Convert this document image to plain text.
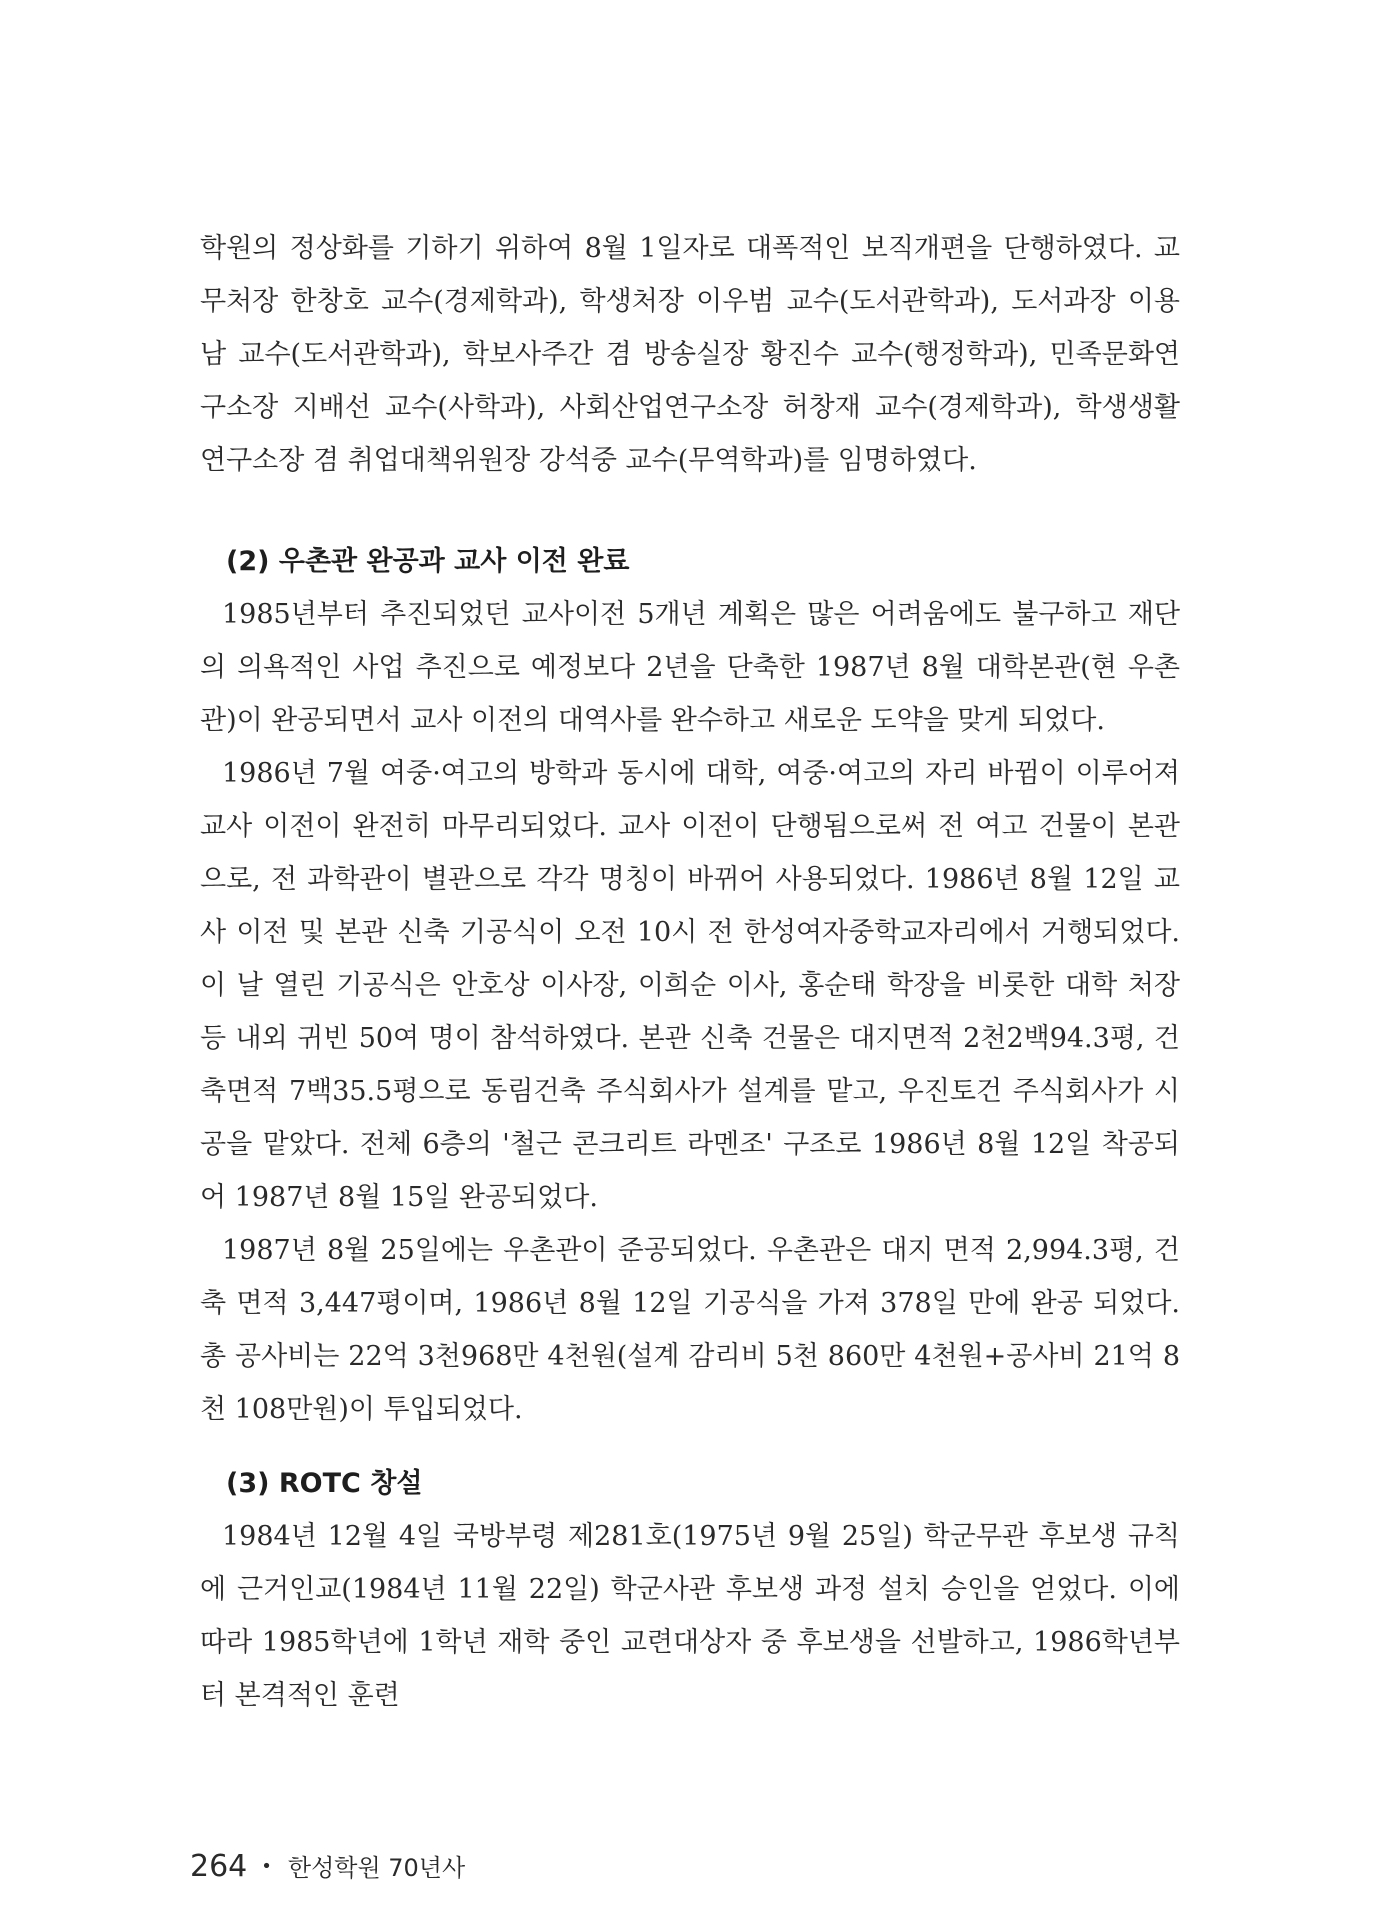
학원의 정상화를 기하기 위하여 8월 1일자로 대폭적인 보직개편을 단행하였다. 교무처장 한창호 교수(경제학과), 학생처장 이우범 교수(도서관학과), 도서과장 이용남 교수(도서관학과), 학보사주간 겸 방송실장 황진수 교수(행정학과), 민족문화연구소장 지배선 교수(사학과), 사회산업연구소장 허창재 교수(경제학과), 학생생활 연구소장 겸 취업대책위원장 강석중 교수(무역학과)를 임명하였다.

(2) 우촌관 완공과 교사 이전 완료

1985년부터 추진되었던 교사이전 5개년 계획은 많은 어려움에도 불구하고 재단의 의욕적인 사업 추진으로 예정보다 2년을 단축한 1987년 8월 대학본관(현 우촌관)이 완공되면서 교사 이전의 대역사를 완수하고 새로운 도약을 맞게 되었다.

1986년 7월 여중·여고의 방학과 동시에 대학, 여중·여고의 자리 바뀜이 이루어져 교사 이전이 완전히 마무리되었다. 교사 이전이 단행됨으로써 전 여고 건물이 본관으로, 전 과학관이 별관으로 각각 명칭이 바뀌어 사용되었다. 1986년 8월 12일 교사 이전 및 본관 신축 기공식이 오전 10시 전 한성여자중학교자리에서 거행되었다. 이 날 열린 기공식은 안호상 이사장, 이희순 이사, 홍순태 학장을 비롯한 대학 처장 등 내외 귀빈 50여 명이 참석하였다. 본관 신축 건물은 대지면적 2천2백94.3평, 건축면적 7백35.5평으로 동림건축 주식회사가 설계를 맡고, 우진토건 주식회사가 시공을 맡았다. 전체 6층의 '철근 콘크리트 라멘조' 구조로 1986년 8월 12일 착공되어 1987년 8월 15일 완공되었다.

1987년 8월 25일에는 우촌관이 준공되었다. 우촌관은 대지 면적 2,994.3평, 건축 면적 3,447평이며, 1986년 8월 12일 기공식을 가져 378일 만에 완공 되었다. 총 공사비는 22억 3천968만 4천원(설계 감리비 5천 860만 4천원+공사비 21억 8천 108만원)이 투입되었다.

(3) ROTC 창설

1984년 12월 4일 국방부령 제281호(1975년 9월 25일) 학군무관 후보생 규칙에 근거인교(1984년 11월 22일) 학군사관 후보생 과정 설치 승인을 얻었다. 이에 따라 1985학년에 1학년 재학 중인 교련대상자 중 후보생을 선발하고, 1986학년부터 본격적인 훈련

264 • 한성학원 70년사
